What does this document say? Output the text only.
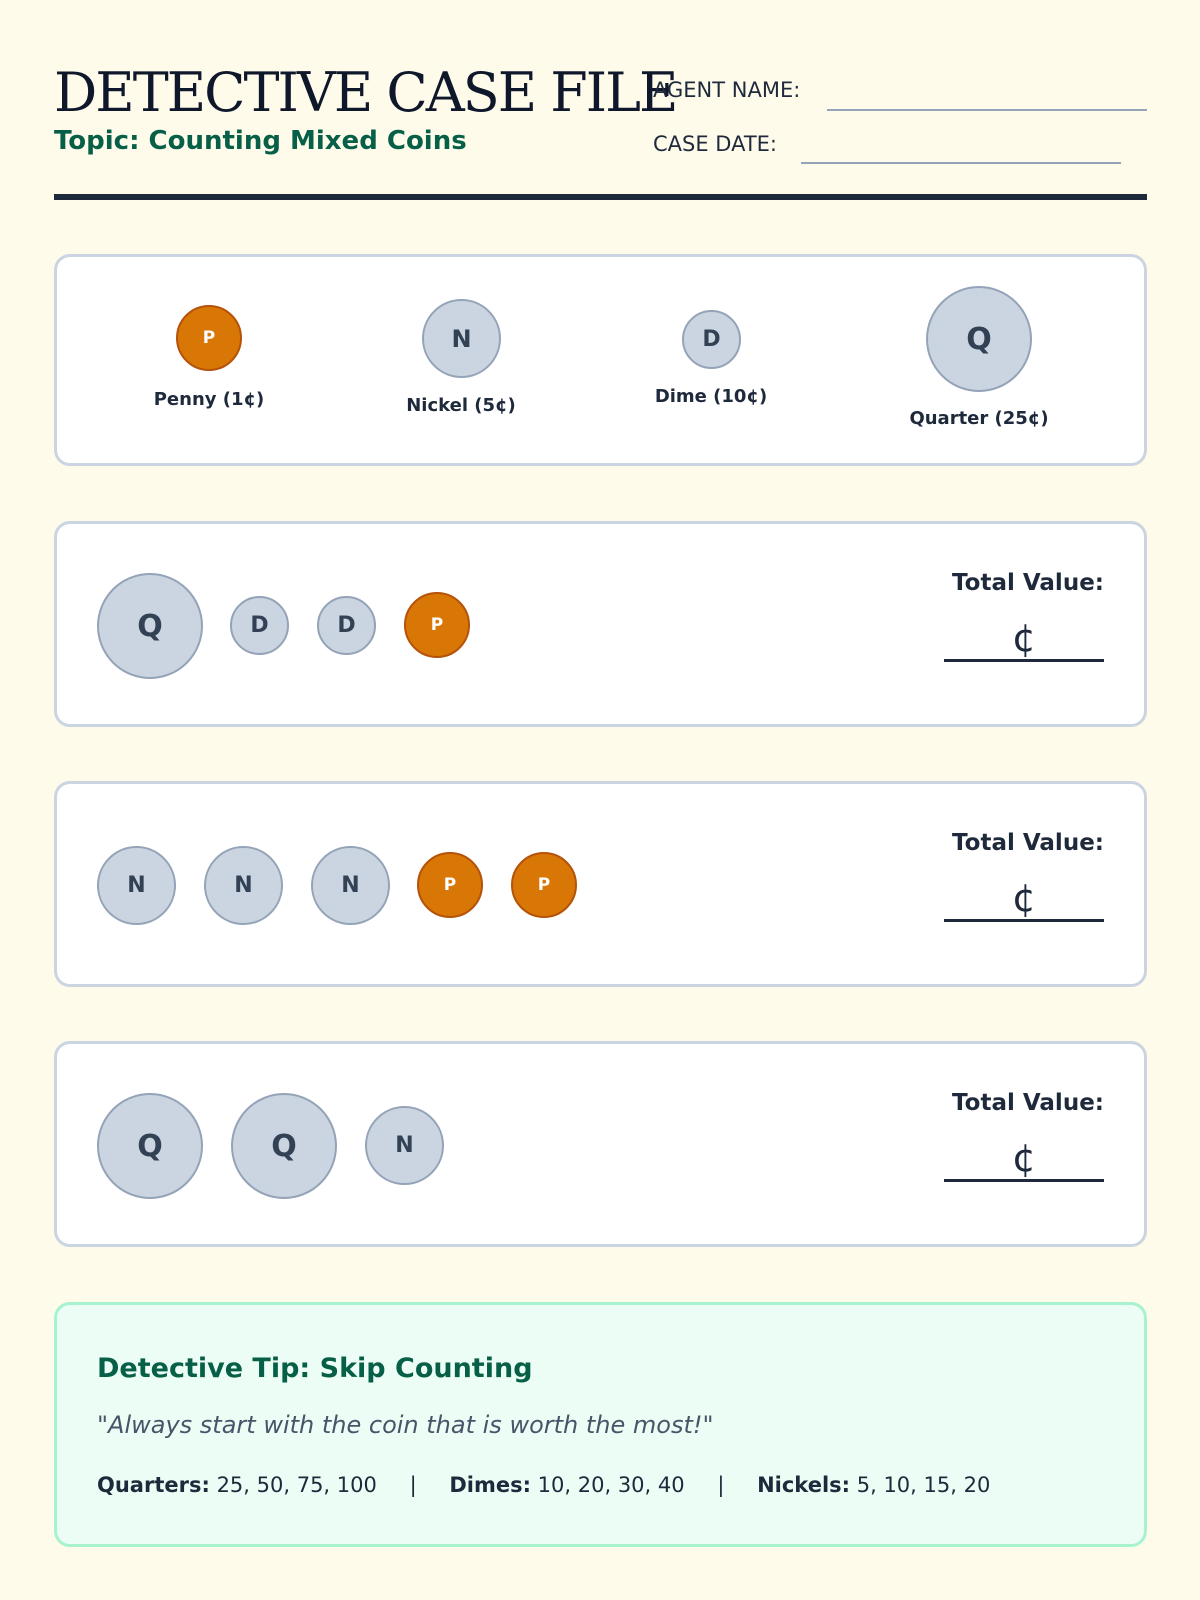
DETECTIVE CASE FILE
Topic: Counting Mixed Coins
AGENT NAME:
CASE DATE:
P
Penny (1¢)
N
Nickel (5¢)
D
Dime (10¢)
Q
Quarter (25¢)
Q	D	D	P
Total Value:
¢
N	N	N	P	P
Total Value:
¢
Q	Q	N
Total Value:
¢
Detective Tip: Skip Counting
"Always start with the coin that is worth the most!"
Quarters: 25, 50, 75, 100 | Dimes: 10, 20, 30, 40 | Nickels: 5, 10, 15, 20
